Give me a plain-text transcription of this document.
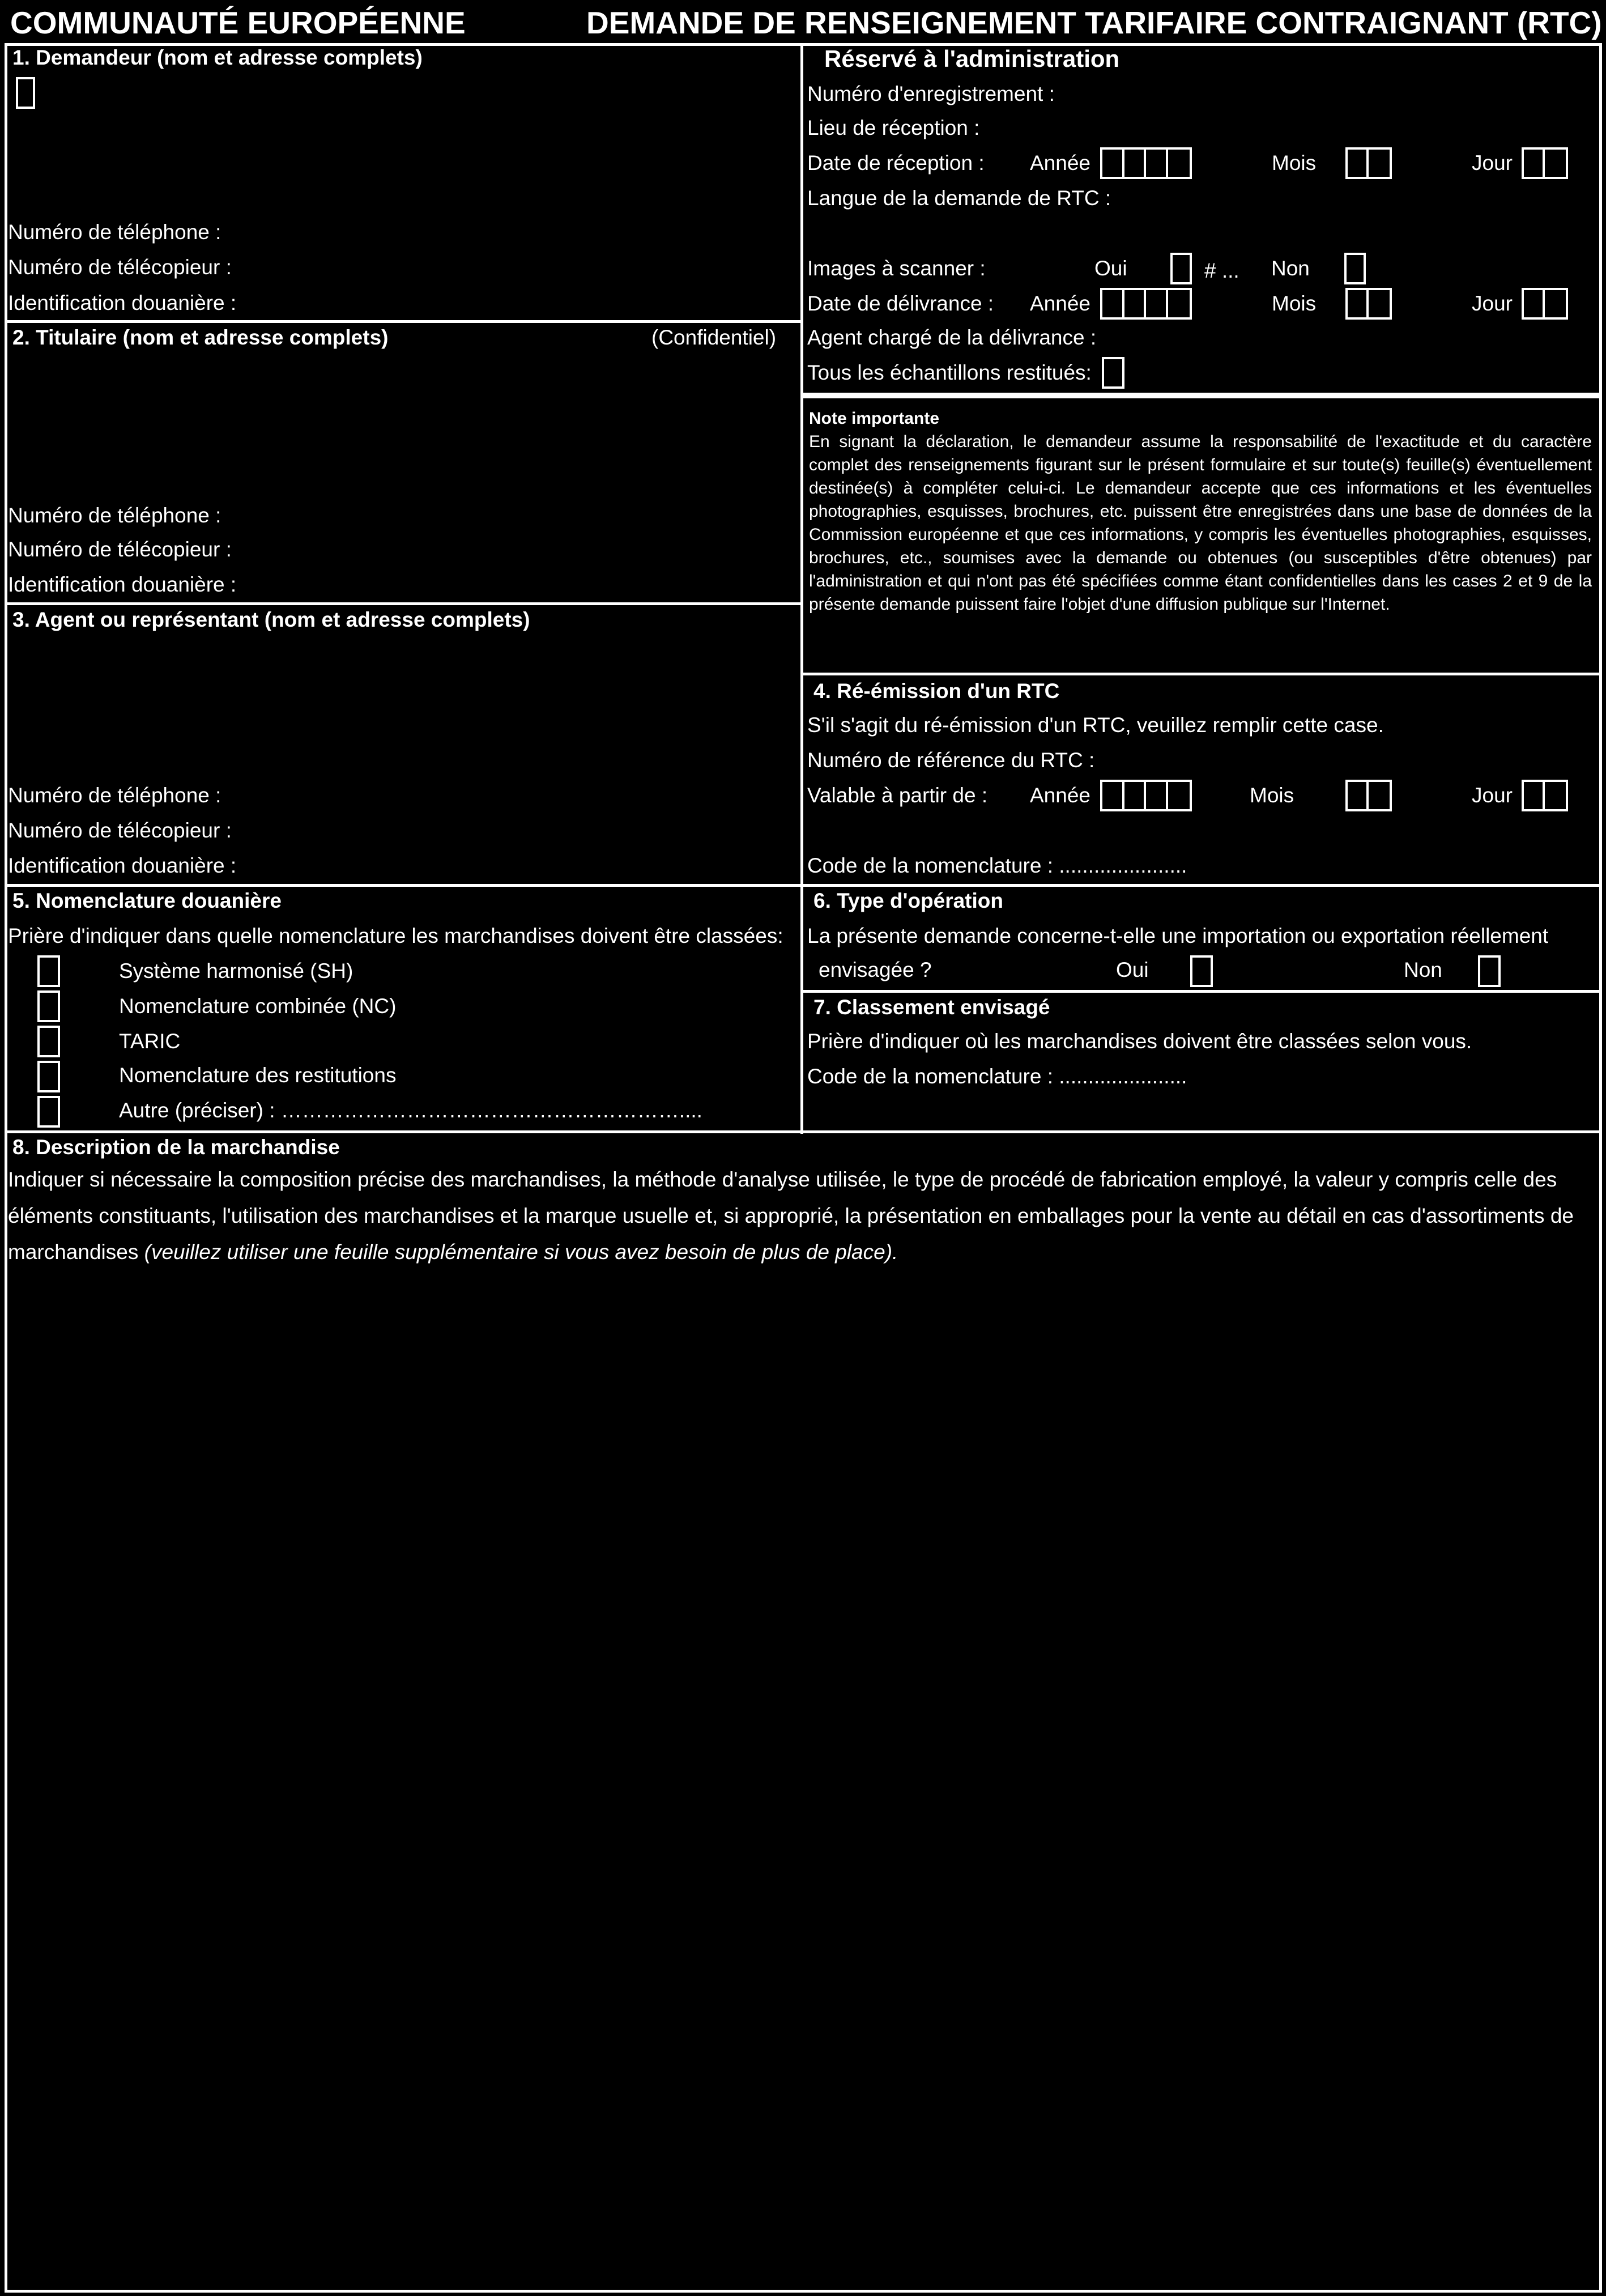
COMMUNAUTÉ EUROPÉENNE	DEMANDE DE RENSEIGNEMENT TARIFAIRE CONTRAIGNANT (RTC)
1. Demandeur (nom et adresse complets)
Numéro de téléphone :
Numéro de télécopieur :
Identification douanière :
Réservé à l'administration
Numéro d'enregistrement :
Lieu de réception :
Date de réception : Année	Mois	Jour
Langue de la demande de RTC :
Images à scanner :	Oui	# ... Non
Date de délivrance : Année	Mois	Jour
Agent chargé de la délivrance :
Tous les échantillons restitués:
2. Titulaire (nom et adresse complets)	(Confidentiel)
Numéro de téléphone :
Numéro de télécopieur :
Identification douanière :
Note importante
En signant la déclaration, le demandeur assume la responsabilité de l'exactitude et du caractère complet des renseignements figurant sur le présent formulaire et sur toute(s) feuille(s) éventuellement destinée(s) à compléter celui-ci. Le demandeur accepte que ces informations et les éventuelles photographies, esquisses, brochures, etc. puissent être enregistrées dans une base de données de la Commission européenne et que ces informations, y compris les éventuelles photographies, esquisses, brochures, etc., soumises avec la demande ou obtenues (ou susceptibles d'être obtenues) par l'administration et qui n'ont pas été spécifiées comme étant confidentielles dans les cases 2 et 9 de la présente demande puissent faire l'objet d'une diffusion publique sur l'Internet.
3. Agent ou représentant (nom et adresse complets)
Numéro de téléphone :
Numéro de télécopieur :
Identification douanière :
4. Ré-émission d'un RTC
S'il s'agit du ré-émission d'un RTC, veuillez remplir cette case.
Numéro de référence du RTC :
Valable à partir de : Année	Mois	Jour
Code de la nomenclature : ......................
5. Nomenclature douanière
Prière d'indiquer dans quelle nomenclature les marchandises doivent être classées:
Système harmonisé (SH)
Nomenclature combinée (NC)
TARIC
Nomenclature des restitutions
Autre (préciser) : …………………………………………………....
6. Type d'opération
La présente demande concerne-t-elle une importation ou exportation réellement
envisagée ?	Oui	Non
7. Classement envisagé
Prière d'indiquer où les marchandises doivent être classées selon vous.
Code de la nomenclature : ......................
8. Description de la marchandise
Indiquer si nécessaire la composition précise des marchandises, la méthode d'analyse utilisée, le type de procédé de fabrication employé, la valeur y compris celle des éléments constituants, l'utilisation des marchandises et la marque usuelle et, si approprié, la présentation en emballages pour la vente au détail en cas d'assortiments de marchandises (veuillez utiliser une feuille supplémentaire si vous avez besoin de plus de place).
